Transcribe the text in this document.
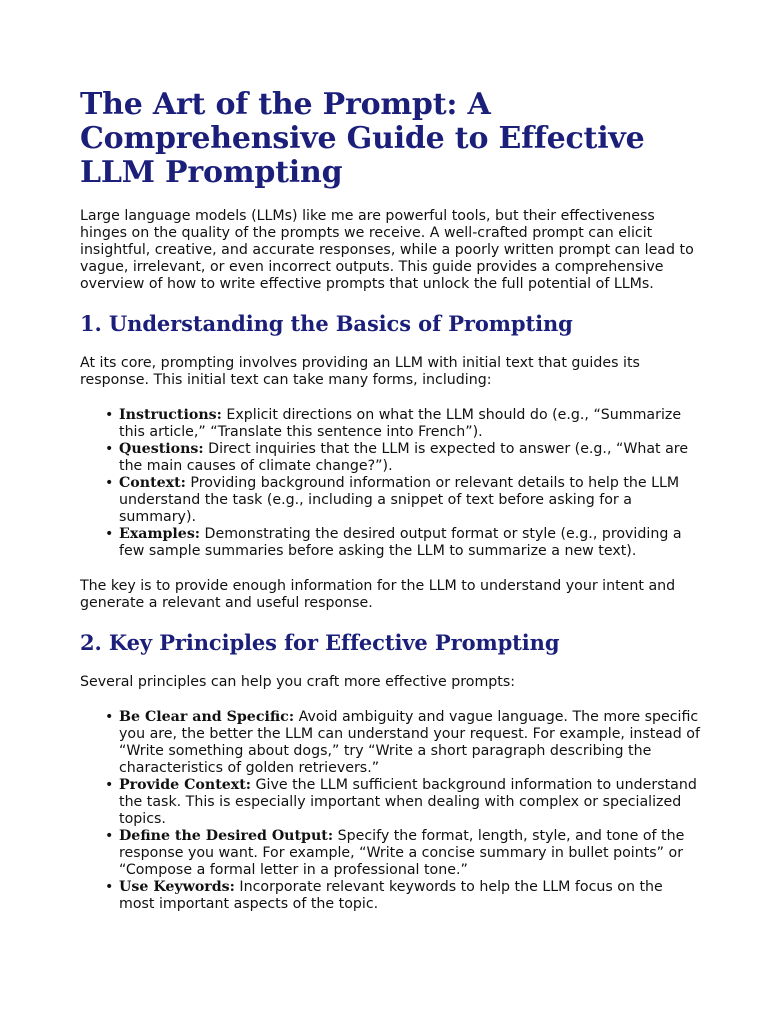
The Art of the Prompt: A Comprehensive Guide to Effective LLM Prompting

Large language models (LLMs) like me are powerful tools, but their effectiveness hinges on the quality of the prompts we receive. A well-crafted prompt can elicit insightful, creative, and accurate responses, while a poorly written prompt can lead to vague, irrelevant, or even incorrect outputs. This guide provides a comprehensive overview of how to write effective prompts that unlock the full potential of LLMs.

1. Understanding the Basics of Prompting

At its core, prompting involves providing an LLM with initial text that guides its response. This initial text can take many forms, including:

• Instructions: Explicit directions on what the LLM should do (e.g., “Summarize this article,” “Translate this sentence into French”).
• Questions: Direct inquiries that the LLM is expected to answer (e.g., “What are the main causes of climate change?”).
• Context: Providing background information or relevant details to help the LLM understand the task (e.g., including a snippet of text before asking for a summary).
• Examples: Demonstrating the desired output format or style (e.g., providing a few sample summaries before asking the LLM to summarize a new text).

The key is to provide enough information for the LLM to understand your intent and generate a relevant and useful response.

2. Key Principles for Effective Prompting

Several principles can help you craft more effective prompts:

• Be Clear and Specific: Avoid ambiguity and vague language. The more specific you are, the better the LLM can understand your request. For example, instead of “Write something about dogs,” try “Write a short paragraph describing the characteristics of golden retrievers.”
• Provide Context: Give the LLM sufficient background information to understand the task. This is especially important when dealing with complex or specialized topics.
• Define the Desired Output: Specify the format, length, style, and tone of the response you want. For example, “Write a concise summary in bullet points” or “Compose a formal letter in a professional tone.”
• Use Keywords: Incorporate relevant keywords to help the LLM focus on the most important aspects of the topic.
